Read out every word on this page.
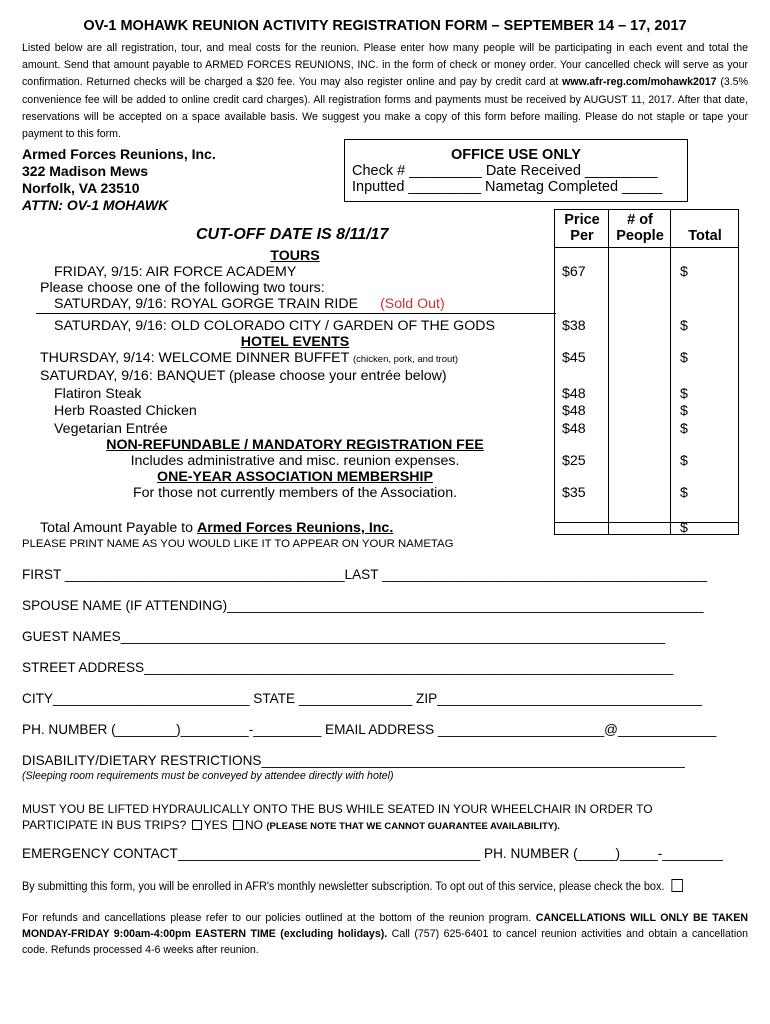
OV-1 MOHAWK REUNION ACTIVITY REGISTRATION FORM – SEPTEMBER 14 – 17, 2017
Listed below are all registration, tour, and meal costs for the reunion. Please enter how many people will be participating in each event and total the amount. Send that amount payable to ARMED FORCES REUNIONS, INC. in the form of check or money order. Your cancelled check will serve as your confirmation. Returned checks will be charged a $20 fee. You may also register online and pay by credit card at www.afr-reg.com/mohawk2017 (3.5% convenience fee will be added to online credit card charges). All registration forms and payments must be received by AUGUST 11, 2017. After that date, reservations will be accepted on a space available basis. We suggest you make a copy of this form before mailing. Please do not staple or tape your payment to this form.
Armed Forces Reunions, Inc.
322 Madison Mews
Norfolk, VA 23510
ATTN: OV-1 MOHAWK
OFFICE USE ONLY
Check # _________ Date Received _________
Inputted _________ Nametag Completed _____
Price
Per
# of
People	Total
CUT-OFF DATE IS 8/11/17
TOURS
FRIDAY, 9/15: AIR FORCE ACADEMY	$67	$
Please choose one of the following two tours:
SATURDAY, 9/16: ROYAL GORGE TRAIN RIDE (Sold Out)
SATURDAY, 9/16: OLD COLORADO CITY / GARDEN OF THE GODS	$38	$
HOTEL EVENTS
THURSDAY, 9/14: WELCOME DINNER BUFFET (chicken, pork, and trout)	$45	$
SATURDAY, 9/16: BANQUET (please choose your entrée below)
Flatiron Steak	$48	$
Herb Roasted Chicken	$48	$
Vegetarian Entrée	$48	$
NON-REFUNDABLE / MANDATORY REGISTRATION FEE
Includes administrative and misc. reunion expenses.	$25	$
ONE-YEAR ASSOCIATION MEMBERSHIP
For those not currently members of the Association.	$35	$
Total Amount Payable to Armed Forces Reunions, Inc.	$
PLEASE PRINT NAME AS YOU WOULD LIKE IT TO APPEAR ON YOUR NAMETAG
FIRST _____________________________________LAST ___________________________________________
SPOUSE NAME (IF ATTENDING)_______________________________________________________________
GUEST NAMES________________________________________________________________________
STREET ADDRESS______________________________________________________________________
CITY__________________________ STATE _______________ ZIP___________________________________
PH. NUMBER (________)_________-_________ EMAIL ADDRESS ______________________@_____________
DISABILITY/DIETARY RESTRICTIONS________________________________________________________
(Sleeping room requirements must be conveyed by attendee directly with hotel)
MUST YOU BE LIFTED HYDRAULICALLY ONTO THE BUS WHILE SEATED IN YOUR WHEELCHAIR IN ORDER TO
PARTICIPATE IN BUS TRIPS? YES NO (PLEASE NOTE THAT WE CANNOT GUARANTEE AVAILABILITY).
EMERGENCY CONTACT________________________________________ PH. NUMBER (_____)_____-________
By submitting this form, you will be enrolled in AFR's monthly newsletter subscription. To opt out of this service, please check the box.
For refunds and cancellations please refer to our policies outlined at the bottom of the reunion program. CANCELLATIONS WILL ONLY BE TAKEN MONDAY-FRIDAY 9:00am-4:00pm EASTERN TIME (excluding holidays). Call (757) 625-6401 to cancel reunion activities and obtain a cancellation code. Refunds processed 4-6 weeks after reunion.
